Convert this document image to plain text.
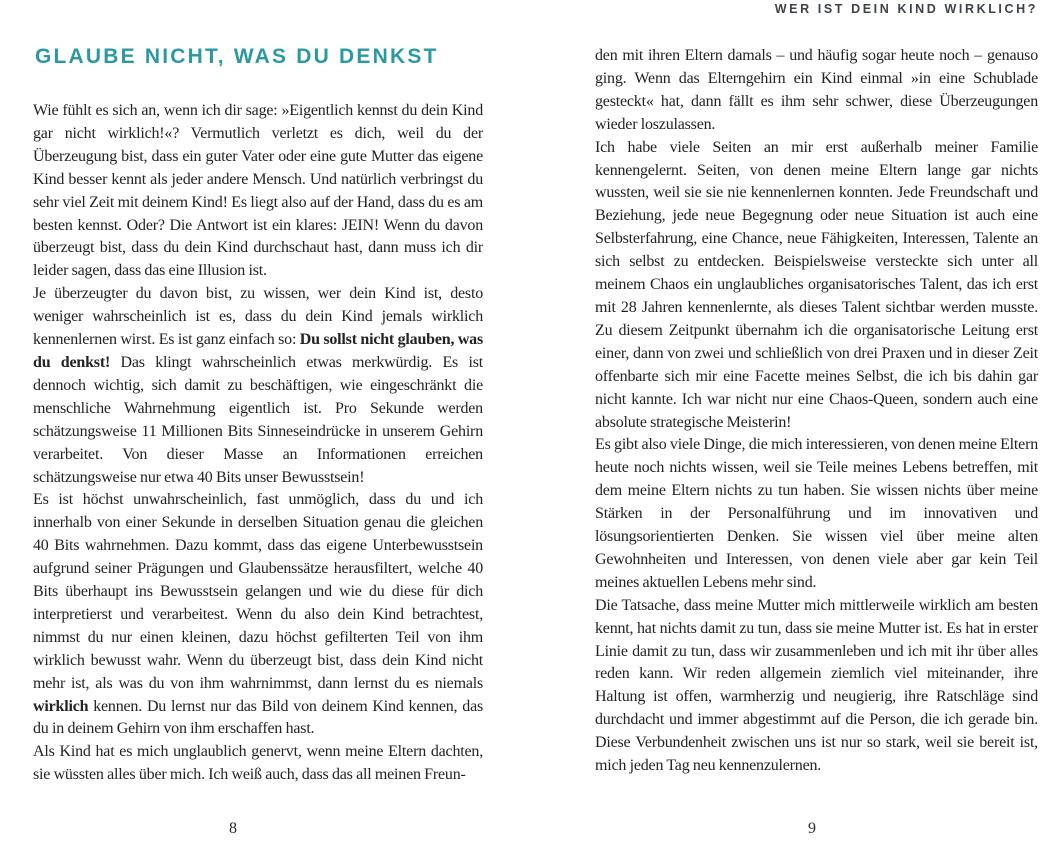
WER IST DEIN KIND WIRKLICH?
GLAUBE NICHT, WAS DU DENKST

Wie fühlt es sich an, wenn ich dir sage: »Eigentlich kennst du dein Kind gar nicht wirklich!«? Vermutlich verletzt es dich, weil du der Überzeugung bist, dass ein guter Vater oder eine gute Mutter das eigene Kind besser kennt als jeder andere Mensch. Und natürlich verbringst du sehr viel Zeit mit deinem Kind! Es liegt also auf der Hand, dass du es am besten kennst. Oder? Die Antwort ist ein klares: JEIN! Wenn du davon überzeugt bist, dass du dein Kind durchschaut hast, dann muss ich dir leider sagen, dass das eine Illusion ist.

Je überzeugter du davon bist, zu wissen, wer dein Kind ist, desto weniger wahrscheinlich ist es, dass du dein Kind jemals wirklich kennenlernen wirst. Es ist ganz einfach so: Du sollst nicht glauben, was du denkst! Das klingt wahrscheinlich etwas merkwürdig. Es ist dennoch wichtig, sich damit zu beschäftigen, wie eingeschränkt die menschliche Wahrnehmung eigentlich ist. Pro Sekunde werden schätzungsweise 11 Millionen Bits Sinneseindrücke in unserem Gehirn verarbeitet. Von dieser Masse an Informationen erreichen schätzungsweise nur etwa 40 Bits unser Bewusstsein!

Es ist höchst unwahrscheinlich, fast unmöglich, dass du und ich innerhalb von einer Sekunde in derselben Situation genau die gleichen 40 Bits wahrnehmen. Dazu kommt, dass das eigene Unterbewusstsein aufgrund seiner Prägungen und Glaubenssätze herausfiltert, welche 40 Bits überhaupt ins Bewusstsein gelangen und wie du diese für dich interpretierst und verarbeitest. Wenn du also dein Kind betrachtest, nimmst du nur einen kleinen, dazu höchst gefilterten Teil von ihm wirklich bewusst wahr. Wenn du überzeugt bist, dass dein Kind nicht mehr ist, als was du von ihm wahrnimmst, dann lernst du es niemals wirklich kennen. Du lernst nur das Bild von deinem Kind kennen, das du in deinem Gehirn von ihm erschaffen hast.

Als Kind hat es mich unglaublich genervt, wenn meine Eltern dachten, sie wüssten alles über mich. Ich weiß auch, dass das all meinen Freun-

den mit ihren Eltern damals – und häufig sogar heute noch – genauso ging. Wenn das Elterngehirn ein Kind einmal »in eine Schublade gesteckt« hat, dann fällt es ihm sehr schwer, diese Überzeugungen wieder loszulassen.

Ich habe viele Seiten an mir erst außerhalb meiner Familie kennengelernt. Seiten, von denen meine Eltern lange gar nichts wussten, weil sie sie nie kennenlernen konnten. Jede Freundschaft und Beziehung, jede neue Begegnung oder neue Situation ist auch eine Selbsterfahrung, eine Chance, neue Fähigkeiten, Interessen, Talente an sich selbst zu entdecken. Beispielsweise versteckte sich unter all meinem Chaos ein unglaubliches organisatorisches Talent, das ich erst mit 28 Jahren kennenlernte, als dieses Talent sichtbar werden musste. Zu diesem Zeitpunkt übernahm ich die organisatorische Leitung erst einer, dann von zwei und schließlich von drei Praxen und in dieser Zeit offenbarte sich mir eine Facette meines Selbst, die ich bis dahin gar nicht kannte. Ich war nicht nur eine Chaos-Queen, sondern auch eine absolute strategische Meisterin!

Es gibt also viele Dinge, die mich interessieren, von denen meine Eltern heute noch nichts wissen, weil sie Teile meines Lebens betreffen, mit dem meine Eltern nichts zu tun haben. Sie wissen nichts über meine Stärken in der Personalführung und im innovativen und lösungsorientierten Denken. Sie wissen viel über meine alten Gewohnheiten und Interessen, von denen viele aber gar kein Teil meines aktuellen Lebens mehr sind.

Die Tatsache, dass meine Mutter mich mittlerweile wirklich am besten kennt, hat nichts damit zu tun, dass sie meine Mutter ist. Es hat in erster Linie damit zu tun, dass wir zusammenleben und ich mit ihr über alles reden kann. Wir reden allgemein ziemlich viel miteinander, ihre Haltung ist offen, warmherzig und neugierig, ihre Ratschläge sind durchdacht und immer abgestimmt auf die Person, die ich gerade bin. Diese Verbundenheit zwischen uns ist nur so stark, weil sie bereit ist, mich jeden Tag neu kennenzulernen.

8	9
